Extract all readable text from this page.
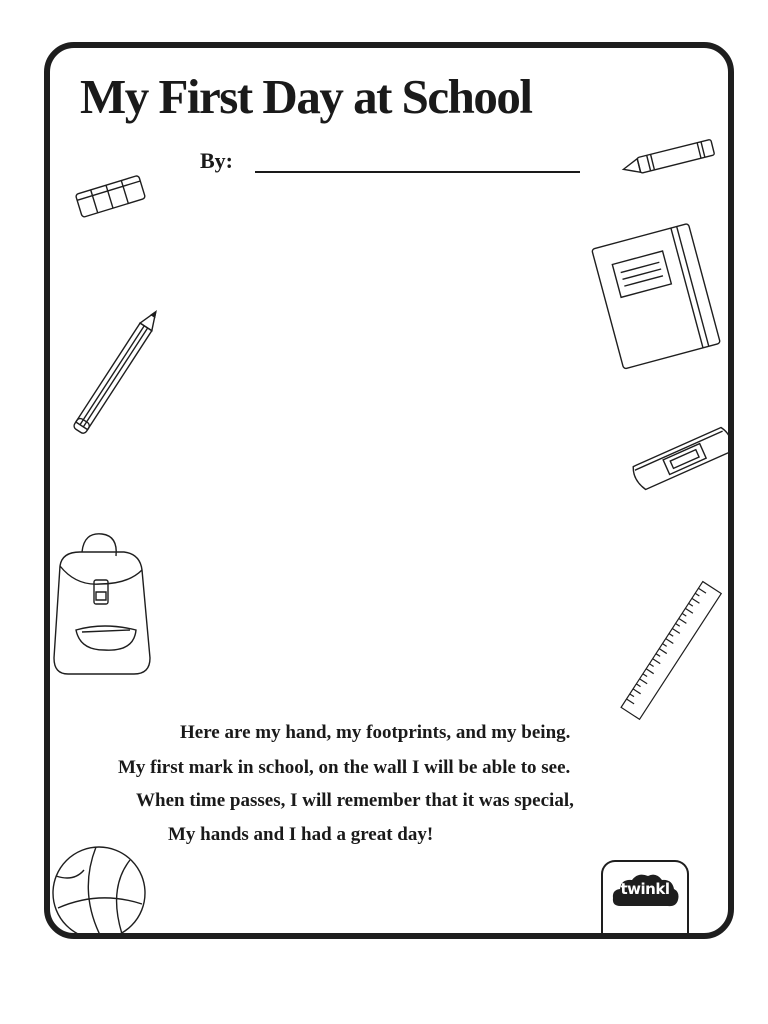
My First Day at School
By:
Here are my hand, my footprints, and my being.
My first mark in school, on the wall I will be able to see.
When time passes, I will remember that it was special,
My hands and I had a great day!
twinkl
